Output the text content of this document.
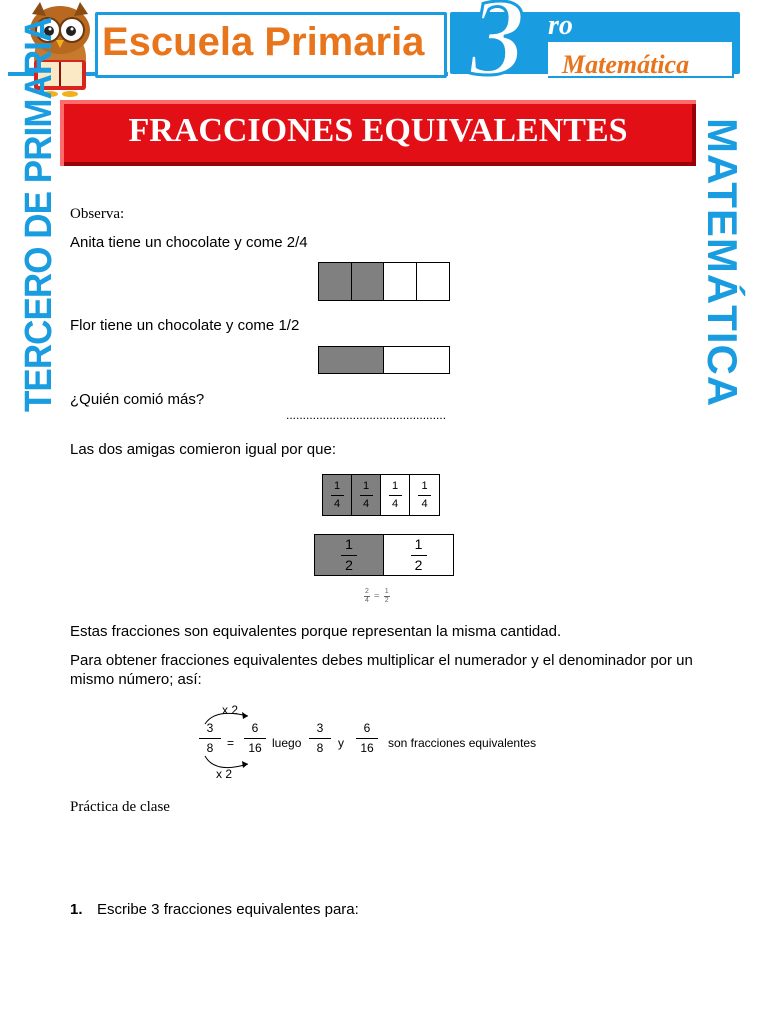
Escuela Primaria 3 ro
Matemática
FRACCIONES EQUIVALENTES
TERCERO DE PRIMARIA	MATEMÁTICA
Observa:
Anita tiene un chocolate y come 2/4
Flor tiene un chocolate y come 1/2
¿Quién comió más?
................................................
Las dos amigas comieron igual por que:
$\frac{1}{4} \frac{1}{4} \frac{1}{4} \frac{1}{4}$
$\frac{1}{2} \frac{1}{2}$
$\frac{2}{4} = \frac{1}{2}$
Estas fracciones son equivalentes porque representan la misma cantidad.
Para obtener fracciones equivalentes debes multiplicar el numerador y el denominador por un mismo número; así:
x 2
x 2
3
8 =
6
16 luego
3
8 y
6
16 son fracciones equivalentes
Práctica de clase
1. Escribe 3 fracciones equivalentes para:
